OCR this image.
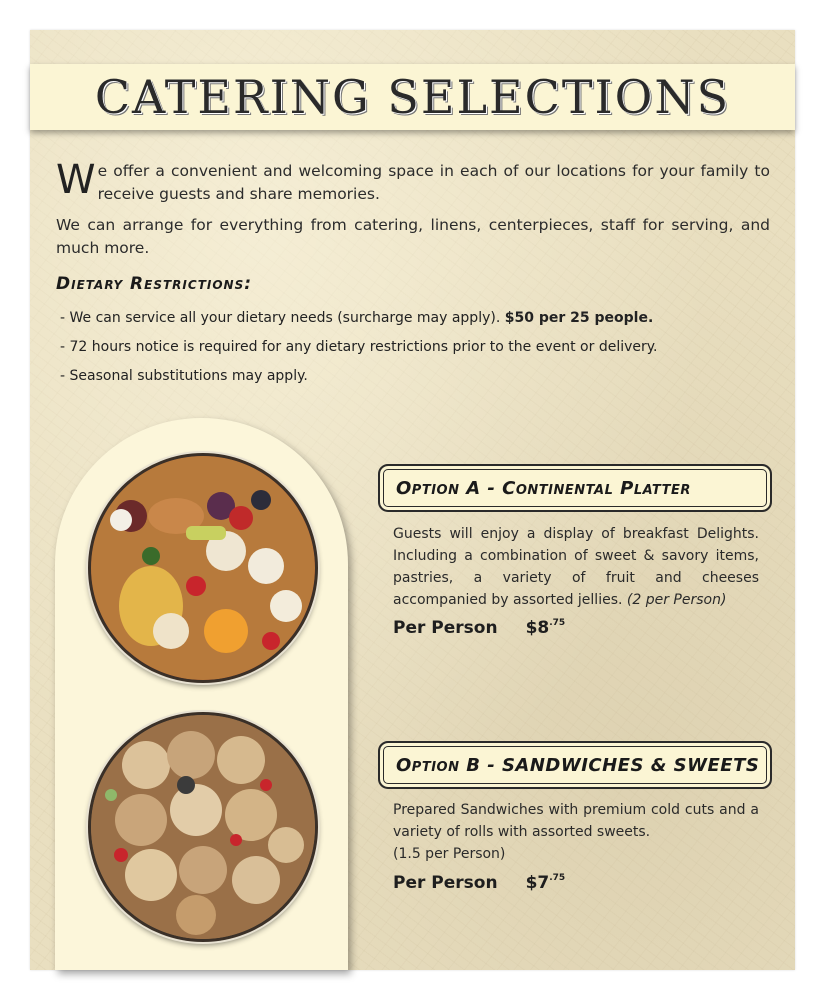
CATERING SELECTIONS

We offer a convenient and welcoming space in each of our locations for your family to receive guests and share memories.

We can arrange for everything from catering, linens, centerpieces, staff for serving, and much more.

Dietary Restrictions:
- We can service all your dietary needs (surcharge may apply). $50 per 25 people.
- 72 hours notice is required for any dietary restrictions prior to the event or delivery.
- Seasonal substitutions may apply.
Option A - Continental Platter
Guests will enjoy a display of breakfast Delights. Including a combination of sweet & savory items, pastries, a variety of fruit and cheeses accompanied by assorted jellies. (2 per Person)
Per Person $\$8^{.75}$
Option B - SANDWICHES & SWEETS
Prepared Sandwiches with premium cold cuts and a variety of rolls with assorted sweets.
(1.5 per Person)
Per Person $\$7^{.75}$
